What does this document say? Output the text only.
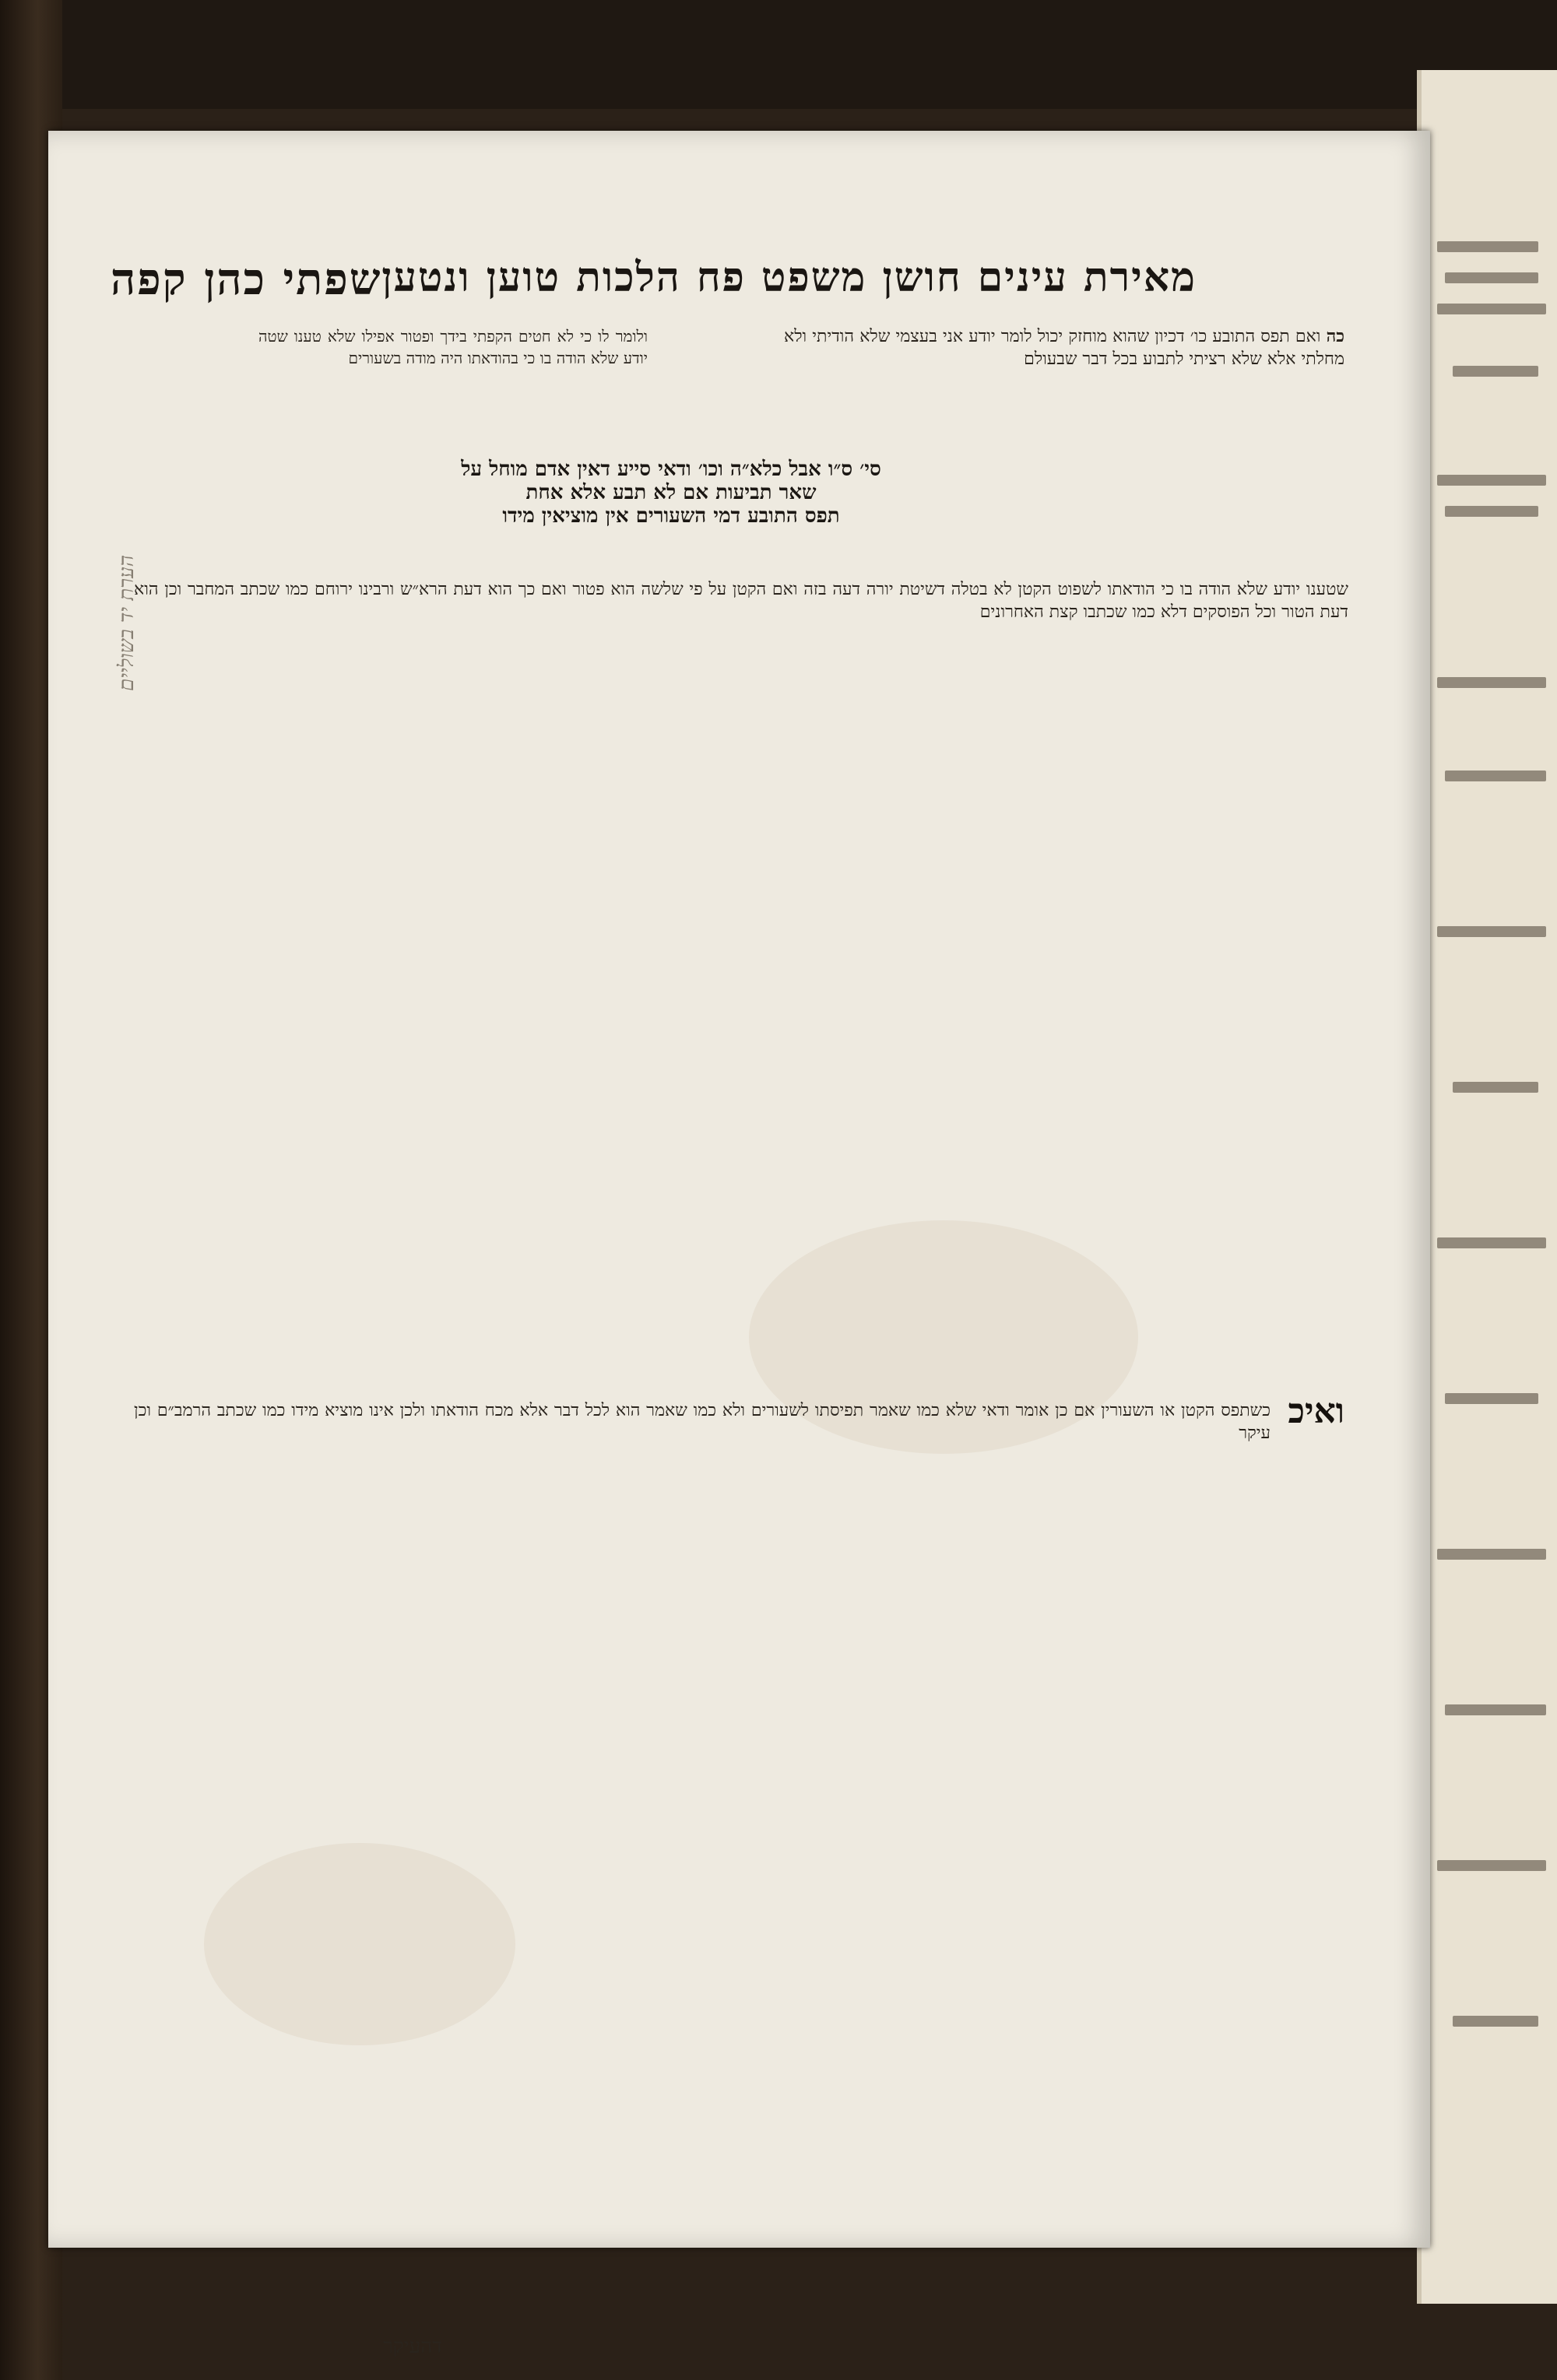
מאירת עינים חושן משפט פח הלכות טוען ונטען
שפתי כהן קפה

כה ואם תפס התובע כו׳ דכיון שהוא מוחזק יכול לומר יודע אני בעצמי שלא הודיתי ולא מחלתי אלא שלא רציתי לתבוע בכל דבר שבעולם

סי׳ ס״ו אבל כלא״ה וכו׳ ודאי סייע דאין אדם מוחל על שאר תביעות אם לא תבע אלא אחת

תפס התובע דמי השעורים אין מוציאין מידו

ולומר לו כי לא חטים הקפתי בידך ופטור אפילו שלא טענו שטה יודע שלא הודה בו כי בהודאתו היה מודה בשעורים

הערת יד בשוליים

שטענו יודע שלא הודה בו כי הודאתו לשפוט הקטן לא בטלה דשיטת יורה דעה בזה ואם הקטן על פי שלשה הוא פטור ואם כך הוא דעת הרא״ש ורבינו ירוחם כמו שכתב המחבר וכן הוא דעת הטור וכל הפוסקים דלא כמו שכתבו קצת האחרונים

ואיכ

כשתפס הקטן או השעורין אם כן אומר ודאי שלא כמו שאמר תפיסתו לשעורים ולא כמו שאמר הוא לכל דבר אלא מכח הודאתו ולכן אינו מוציא מידו כמו שכתב הרמב״ם וכן עיקר

דהעיקר
